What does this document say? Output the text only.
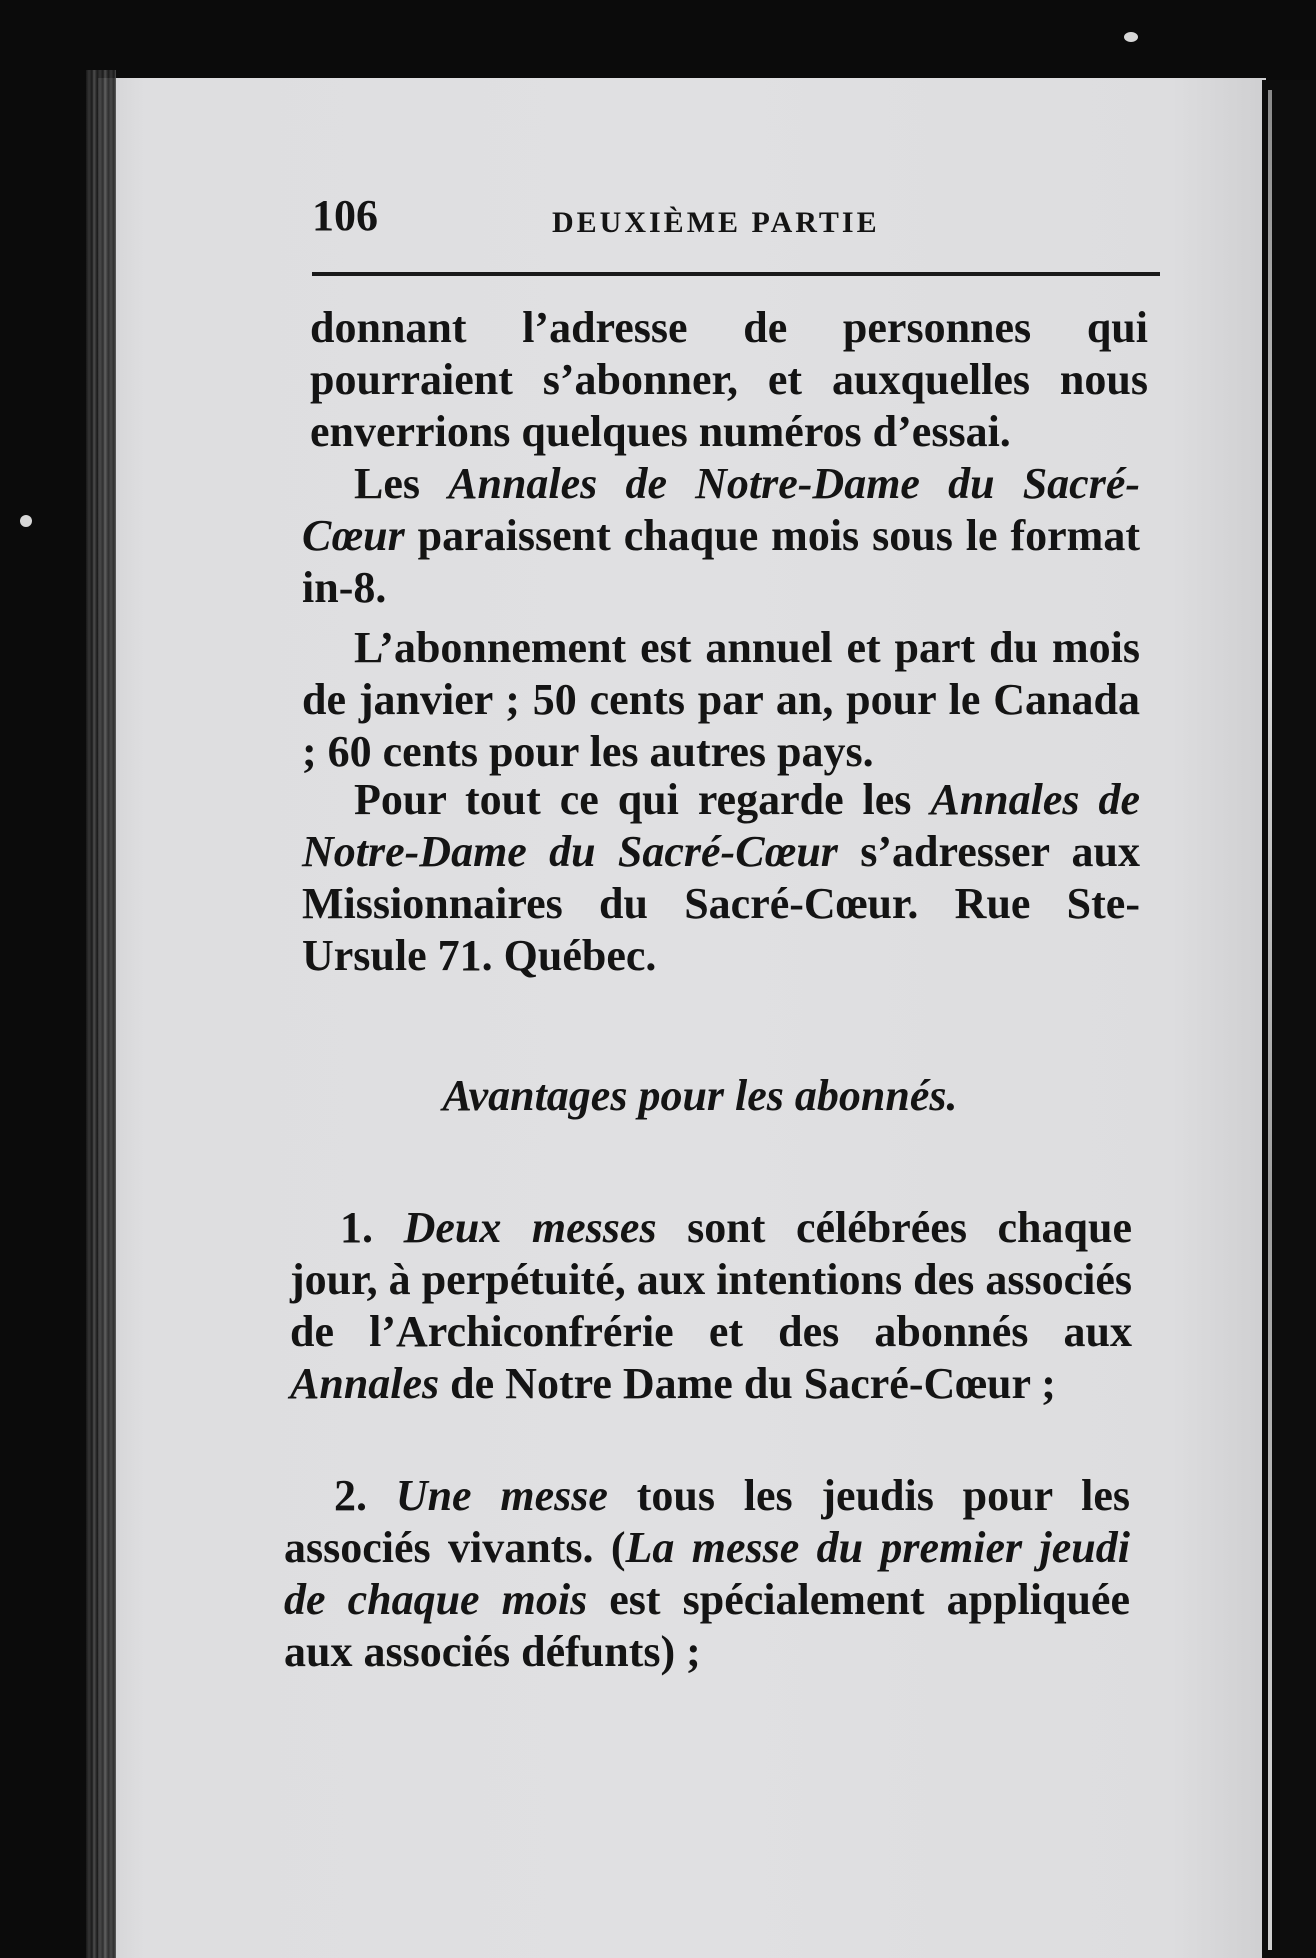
106	DEUXIÈME PARTIE
donnant l’adresse de personnes qui pourraient s’abonner, et auxquelles nous enverrions quelques numéros d’essai.
Les Annales de Notre-Dame du Sacré-Cœur paraissent chaque mois sous le format in-8.
L’abonnement est annuel et part du mois de janvier ; 50 cents par an, pour le Canada ; 60 cents pour les autres pays.
Pour tout ce qui regarde les Annales de Notre-Dame du Sacré-Cœur s’adresser aux Missionnaires du Sacré-Cœur. Rue Ste-Ursule 71. Québec.
Avantages pour les abonnés.
1. Deux messes sont célébrées chaque jour, à perpétuité, aux intentions des associés de l’Archiconfrérie et des abonnés aux Annales de Notre Dame du Sacré-Cœur ;
2. Une messe tous les jeudis pour les associés vivants. (La messe du premier jeudi de chaque mois est spécialement appliquée aux associés défunts) ;
